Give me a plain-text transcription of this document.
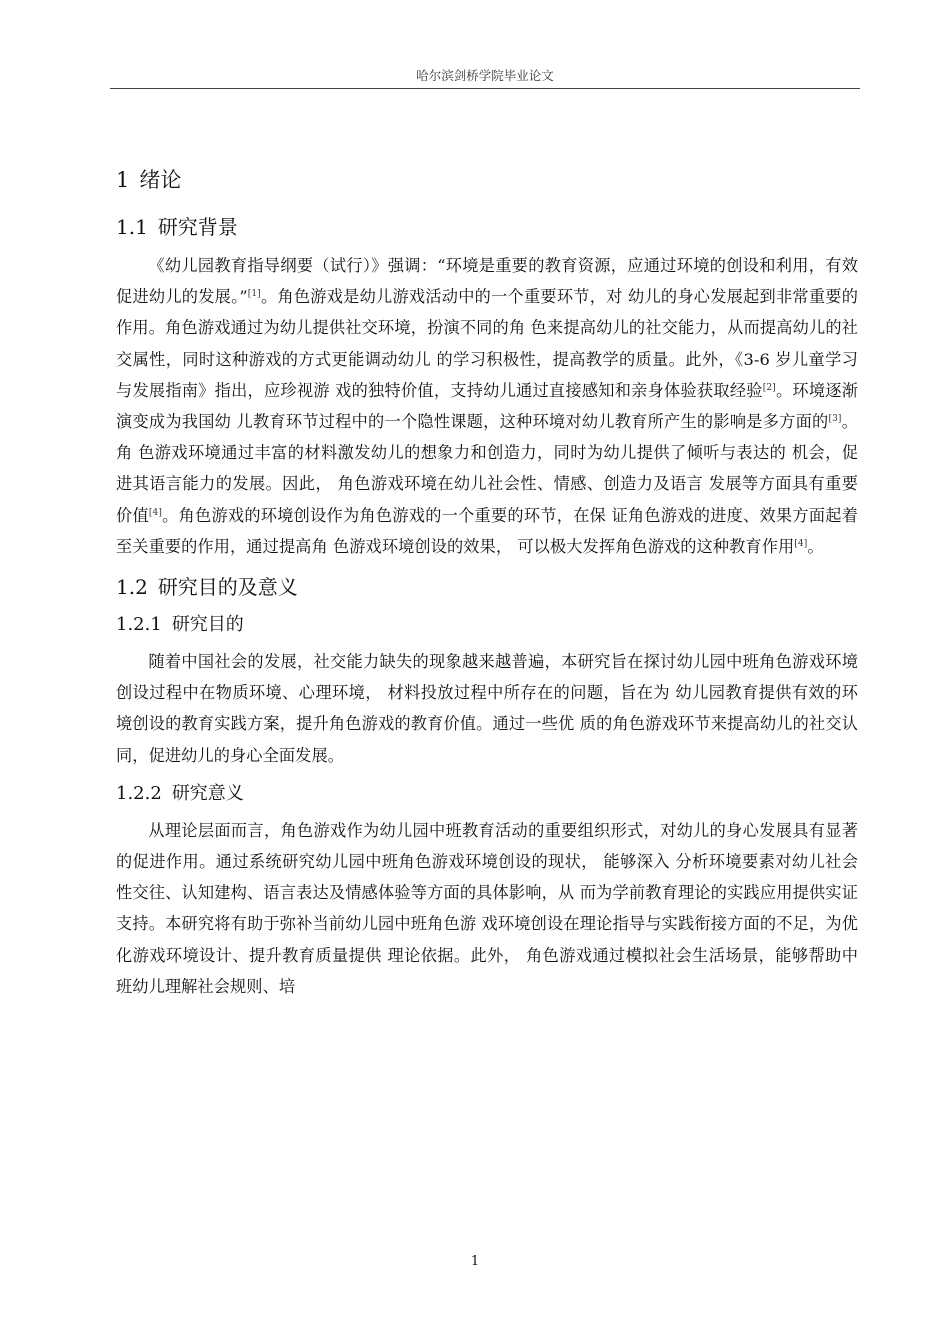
哈尔滨剑桥学院毕业论文
1 绪论
1.1 研究背景

《幼儿园教育指导纲要（试行）》强调：“环境是重要的教育资源，应通过环境的创设和利用，有效促进幼儿的发展。”[1]。角色游戏是幼儿游戏活动中的一个重要环节，对 幼儿的身心发展起到非常重要的作用。角色游戏通过为幼儿提供社交环境，扮演不同的角 色来提高幼儿的社交能力，从而提高幼儿的社交属性，同时这种游戏的方式更能调动幼儿 的学习积极性，提高教学的质量。此外，《3-6 岁儿童学习与发展指南》指出，应珍视游 戏的独特价值，支持幼儿通过直接感知和亲身体验获取经验[2]。环境逐渐演变成为我国幼 儿教育环节过程中的一个隐性课题，这种环境对幼儿教育所产生的影响是多方面的[3]。角 色游戏环境通过丰富的材料激发幼儿的想象力和创造力，同时为幼儿提供了倾听与表达的 机会，促进其语言能力的发展。因此， 角色游戏环境在幼儿社会性、情感、创造力及语言 发展等方面具有重要价值[4]。角色游戏的环境创设作为角色游戏的一个重要的环节，在保 证角色游戏的进度、效果方面起着至关重要的作用，通过提高角 色游戏环境创设的效果， 可以极大发挥角色游戏的这种教育作用[4]。

1.2 研究目的及意义
1.2.1 研究目的

随着中国社会的发展，社交能力缺失的现象越来越普遍，本研究旨在探讨幼儿园中班角色游戏环境创设过程中在物质环境、心理环境， 材料投放过程中所存在的问题，旨在为 幼儿园教育提供有效的环境创设的教育实践方案，提升角色游戏的教育价值。通过一些优 质的角色游戏环节来提高幼儿的社交认同，促进幼儿的身心全面发展。

1.2.2 研究意义

从理论层面而言，角色游戏作为幼儿园中班教育活动的重要组织形式，对幼儿的身心发展具有显著的促进作用。通过系统研究幼儿园中班角色游戏环境创设的现状， 能够深入 分析环境要素对幼儿社会性交往、认知建构、语言表达及情感体验等方面的具体影响，从 而为学前教育理论的实践应用提供实证支持。本研究将有助于弥补当前幼儿园中班角色游 戏环境创设在理论指导与实践衔接方面的不足，为优化游戏环境设计、提升教育质量提供 理论依据。此外， 角色游戏通过模拟社会生活场景，能够帮助中班幼儿理解社会规则、培

1
